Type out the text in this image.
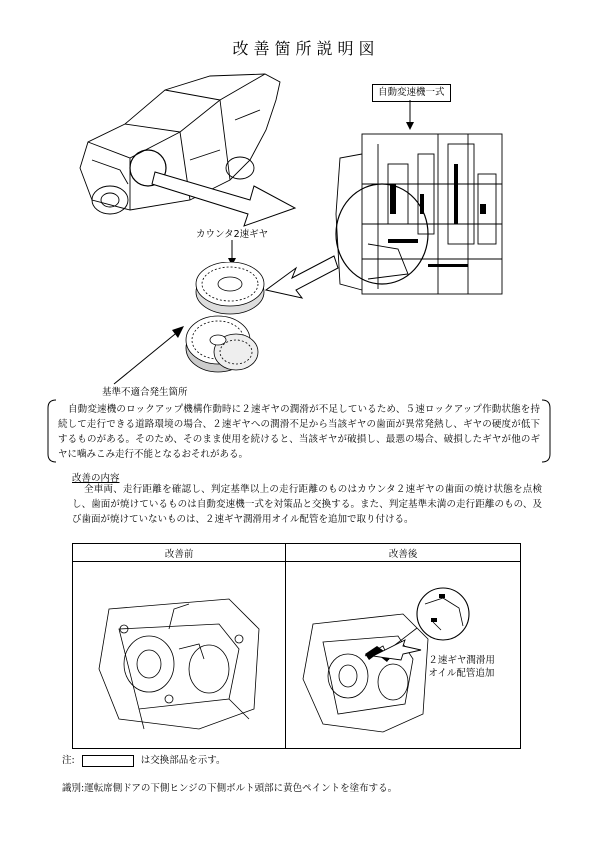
改善箇所説明図
自動変速機一式
カウンタ2速ギヤ
基準不適合発生箇所
自動変速機のロックアップ機構作動時に２速ギヤの潤滑が不足しているため、５速ロックアップ作動状態を持続して走行できる道路環境の場合、２速ギヤへの潤滑不足から当該ギヤの歯面が異常発熱し、ギヤの硬度が低下するものがある。そのため、そのまま使用を続けると、当該ギヤが破損し、最悪の場合、破損したギヤが他のギヤに噛みこみ走行不能となるおそれがある。
改善の内容
全車両、走行距離を確認し、判定基準以上の走行距離のものはカウンタ２速ギヤの歯面の焼け状態を点検し、歯面が焼けているものは自動変速機一式を対策品と交換する。また、判定基準未満の走行距離のもの、及び歯面が焼けていないものは、２速ギヤ潤滑用オイル配管を追加で取り付ける。
改善前	改善後

２速ギヤ潤滑用
オイル配管追加
注:	は交換部品を示す。
識別:運転席側ドアの下側ヒンジの下側ボルト頭部に黄色ペイントを塗布する。
